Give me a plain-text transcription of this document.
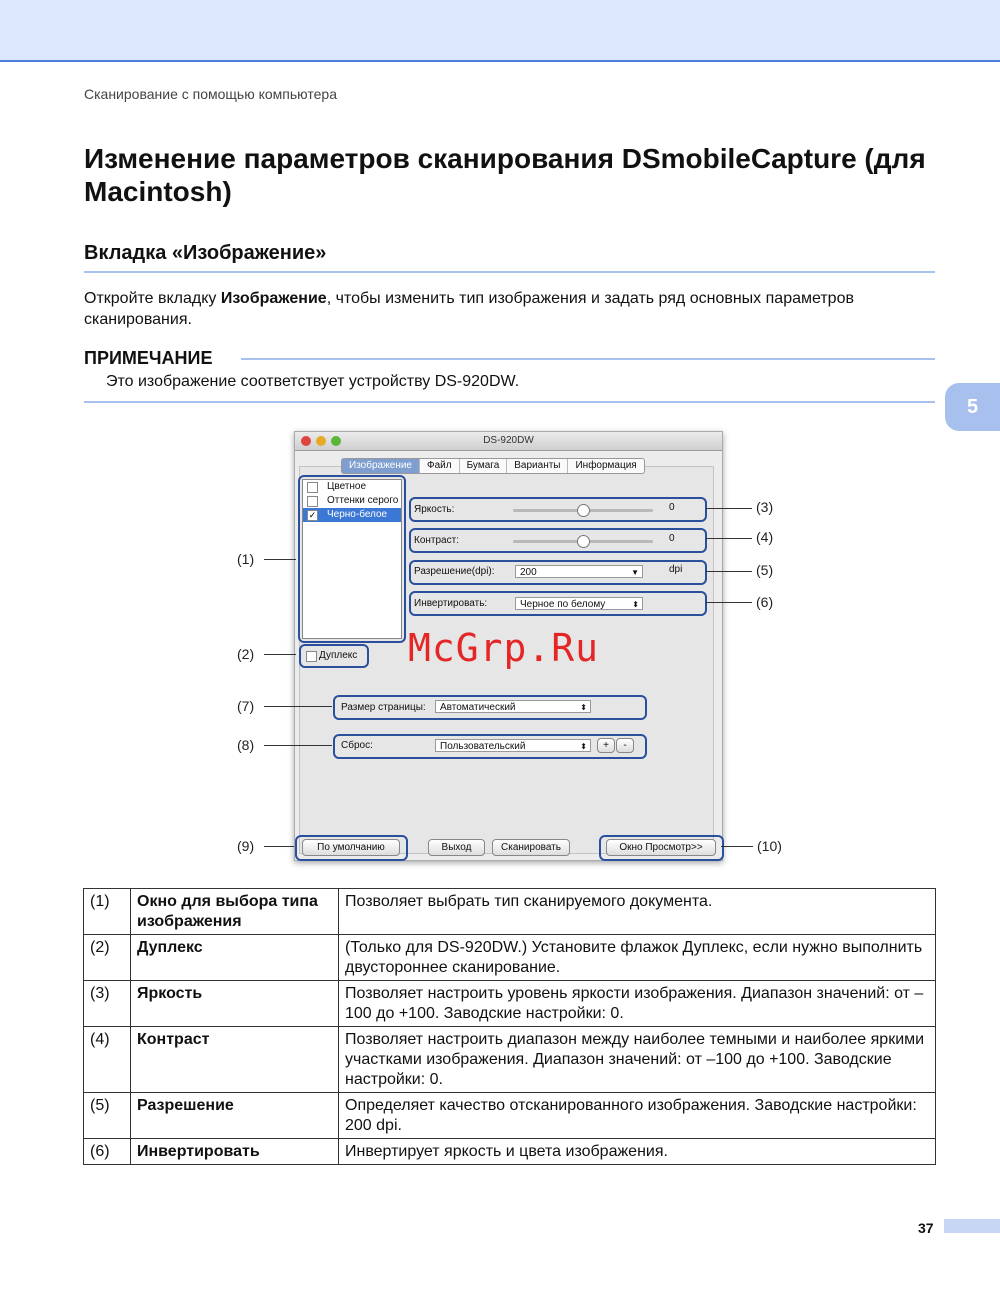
Сканирование с помощью компьютера
Изменение параметров сканирования DSmobileCapture (для Macintosh)
Вкладка «Изображение»
Откройте вкладку Изображение, чтобы изменить тип изображения и задать ряд основных параметров сканирования.
ПРИМЕЧАНИЕ
Это изображение соответствует устройству DS-920DW.
5
DS-920DW
Изображение	Файл	Бумага	Варианты	Информация
Цветное
Оттенки серого
✓ Черно-белое
Дуплекс
Яркость:	0
Контраст:	0
Разрешение(dpi):	200	▼	dpi
Инвертировать:	Черное по белому	⬍
Размер страницы:	Автоматический	⬍
Сброс:	Пользовательский	⬍	+	-
По умолчанию	Выход	Сканировать	Окно Просмотр>>
(1)
(2)
(3)
(4)
(5)
(6)
(7)
(8)
(9)	(10)
McGrp.Ru
(1)	Окно для выбора типа изображения	Позволяет выбрать тип сканируемого документа.
(2)	Дуплекс	(Только для DS-920DW.) Установите флажок Дуплекс, если нужно выполнить двустороннее сканирование.
(3)	Яркость	Позволяет настроить уровень яркости изображения. Диапазон значений: от –100 до +100. Заводские настройки: 0.
(4)	Контраст	Позволяет настроить диапазон между наиболее темными и наиболее яркими участками изображения. Диапазон значений: от –100 до +100. Заводские настройки: 0.
(5)	Разрешение	Определяет качество отсканированного изображения. Заводские настройки: 200 dpi.
(6)	Инвертировать	Инвертирует яркость и цвета изображения.
37
